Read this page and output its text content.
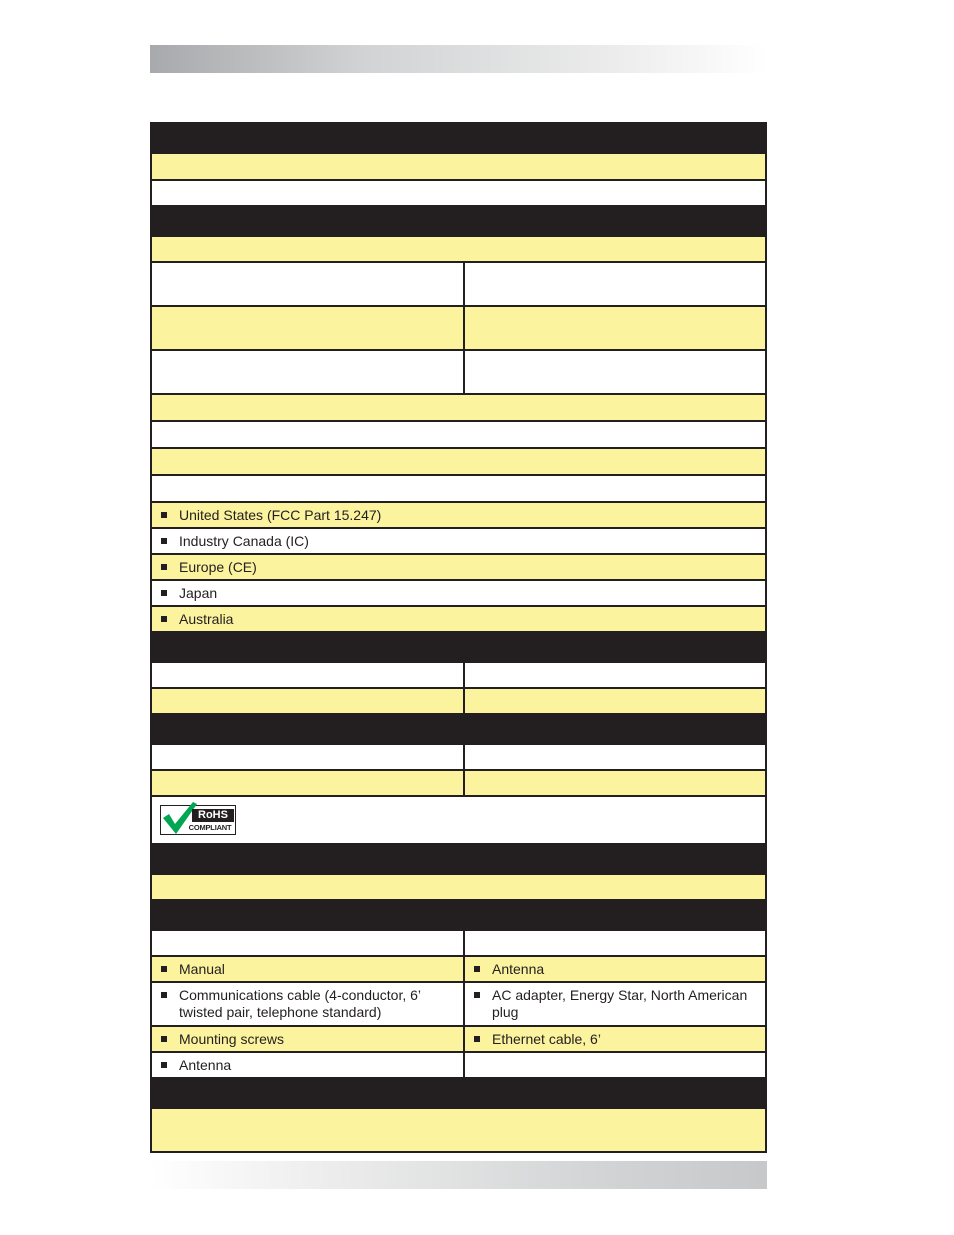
United States (FCC Part 15.247)
Industry Canada (IC)
Europe (CE)
Japan
Australia
RoHS
COMPLIANT
Manual	Antenna
Communications cable (4-conductor, 6’ twisted pair, telephone standard)
AC adapter, Energy Star, North American plug
Mounting screws	Ethernet cable, 6’
Antenna
